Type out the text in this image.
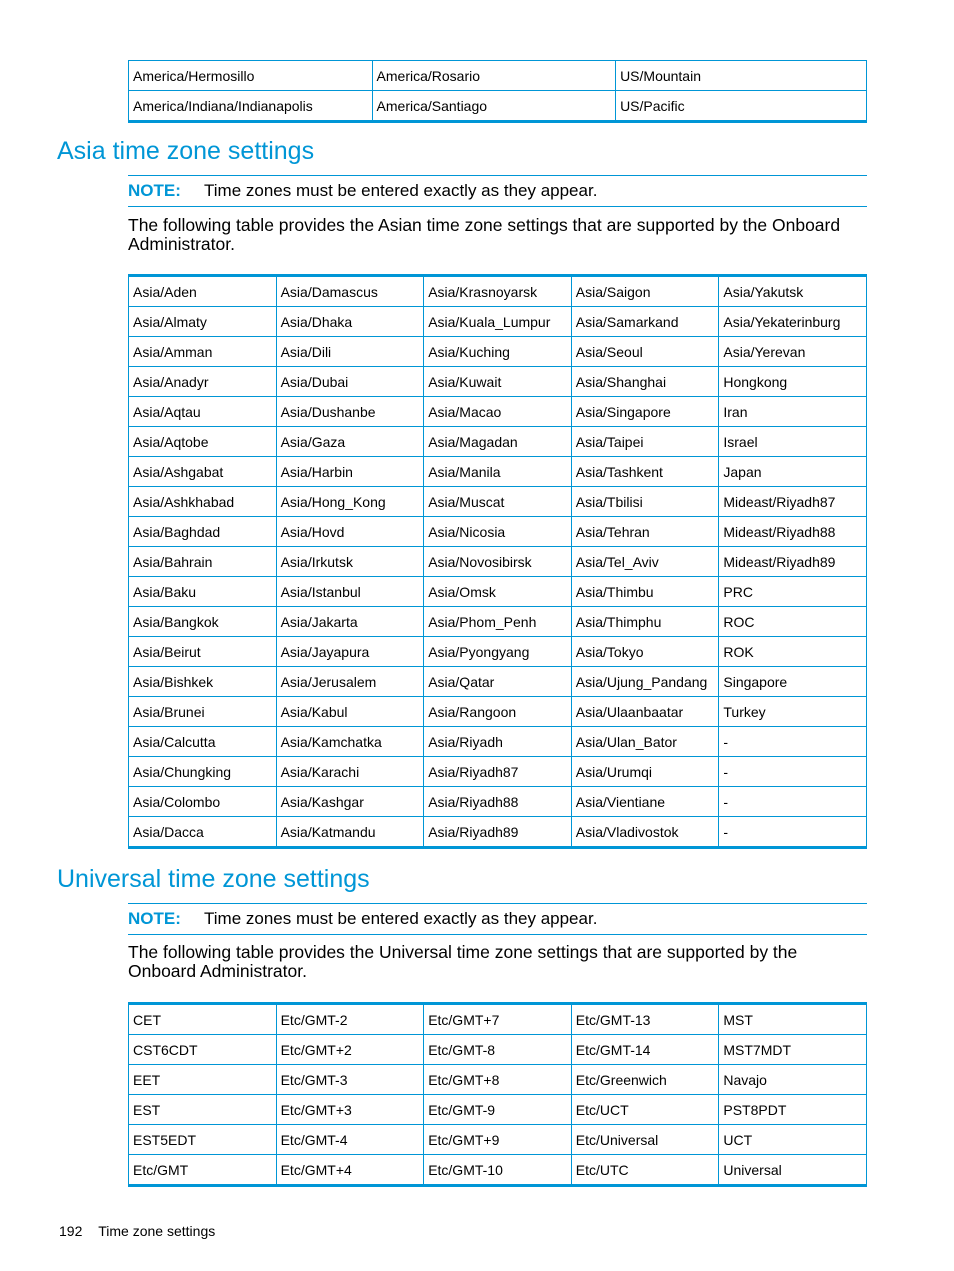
America/Hermosillo	America/Rosario	US/Mountain
America/Indiana/Indianapolis	America/Santiago	US/Pacific
Asia time zone settings
NOTE: Time zones must be entered exactly as they appear.

The following table provides the Asian time zone settings that are supported by the Onboard Administrator.

Asia/Aden	Asia/Damascus	Asia/Krasnoyarsk	Asia/Saigon	Asia/Yakutsk
Asia/Almaty	Asia/Dhaka	Asia/Kuala_Lumpur	Asia/Samarkand	Asia/Yekaterinburg
Asia/Amman	Asia/Dili	Asia/Kuching	Asia/Seoul	Asia/Yerevan
Asia/Anadyr	Asia/Dubai	Asia/Kuwait	Asia/Shanghai	Hongkong
Asia/Aqtau	Asia/Dushanbe	Asia/Macao	Asia/Singapore	Iran
Asia/Aqtobe	Asia/Gaza	Asia/Magadan	Asia/Taipei	Israel
Asia/Ashgabat	Asia/Harbin	Asia/Manila	Asia/Tashkent	Japan
Asia/Ashkhabad	Asia/Hong_Kong	Asia/Muscat	Asia/Tbilisi	Mideast/Riyadh87
Asia/Baghdad	Asia/Hovd	Asia/Nicosia	Asia/Tehran	Mideast/Riyadh88
Asia/Bahrain	Asia/Irkutsk	Asia/Novosibirsk	Asia/Tel_Aviv	Mideast/Riyadh89
Asia/Baku	Asia/Istanbul	Asia/Omsk	Asia/Thimbu	PRC
Asia/Bangkok	Asia/Jakarta	Asia/Phom_Penh	Asia/Thimphu	ROC
Asia/Beirut	Asia/Jayapura	Asia/Pyongyang	Asia/Tokyo	ROK
Asia/Bishkek	Asia/Jerusalem	Asia/Qatar	Asia/Ujung_Pandang	Singapore
Asia/Brunei	Asia/Kabul	Asia/Rangoon	Asia/Ulaanbaatar	Turkey
Asia/Calcutta	Asia/Kamchatka	Asia/Riyadh	Asia/Ulan_Bator	-
Asia/Chungking	Asia/Karachi	Asia/Riyadh87	Asia/Urumqi	-
Asia/Colombo	Asia/Kashgar	Asia/Riyadh88	Asia/Vientiane	-
Asia/Dacca	Asia/Katmandu	Asia/Riyadh89	Asia/Vladivostok	-
Universal time zone settings
NOTE: Time zones must be entered exactly as they appear.

The following table provides the Universal time zone settings that are supported by the Onboard Administrator.

CET	Etc/GMT-2	Etc/GMT+7	Etc/GMT-13	MST
CST6CDT	Etc/GMT+2	Etc/GMT-8	Etc/GMT-14	MST7MDT
EET	Etc/GMT-3	Etc/GMT+8	Etc/Greenwich	Navajo
EST	Etc/GMT+3	Etc/GMT-9	Etc/UCT	PST8PDT
EST5EDT	Etc/GMT-4	Etc/GMT+9	Etc/Universal	UCT
Etc/GMT	Etc/GMT+4	Etc/GMT-10	Etc/UTC	Universal
192 Time zone settings
